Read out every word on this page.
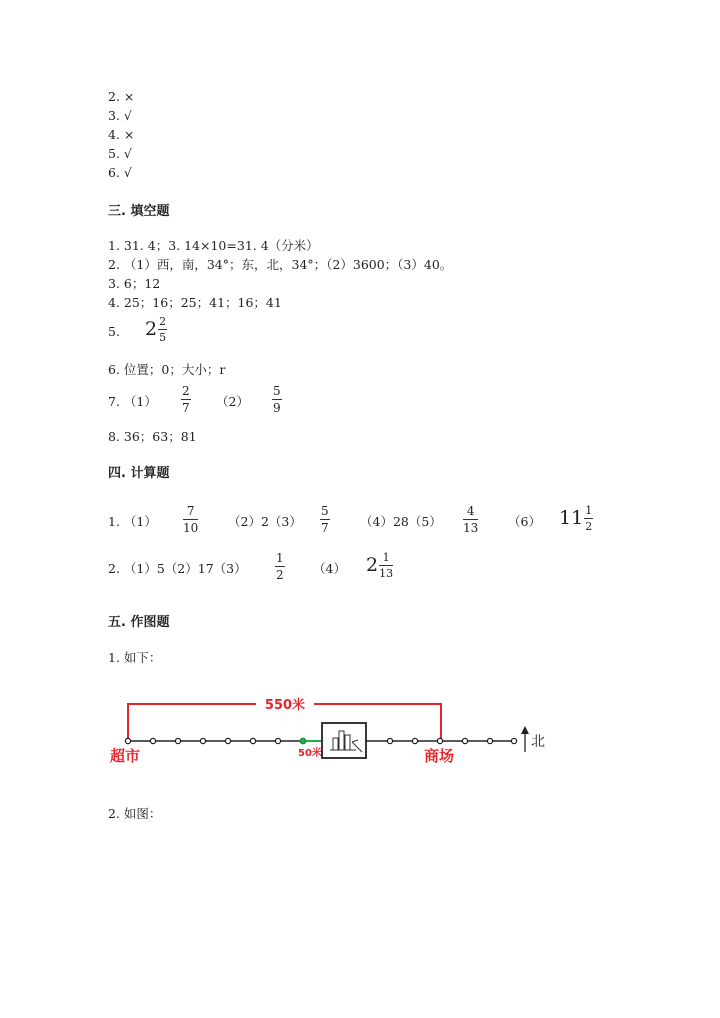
2. ×
3. √
4. ×
5. √
6. √
三. 填空题
1. 31. 4；3. 14×10=31. 4（分米）
2. （1）西，南，34°；东，北，34°；（2）3600；（3）40。
3. 6；12
4. 25；16；25；41；16；41
5. $2 \frac{2}{5}$
6. 位置；0；大小；r
7. （1）
2
7 （2）
5
9
8. 36；63；81
四. 计算题
1. （1）
7
10 （2）2（3）
5
7	（4）28（5）
4
13 （6） $11 \frac{1}{2}$
2. （1）5（2）17（3）
1
2 （4） $2 \frac{1}{13}$
五. 作图题
1. 如下：
550米
50米
北
超市	商场
2. 如图：
